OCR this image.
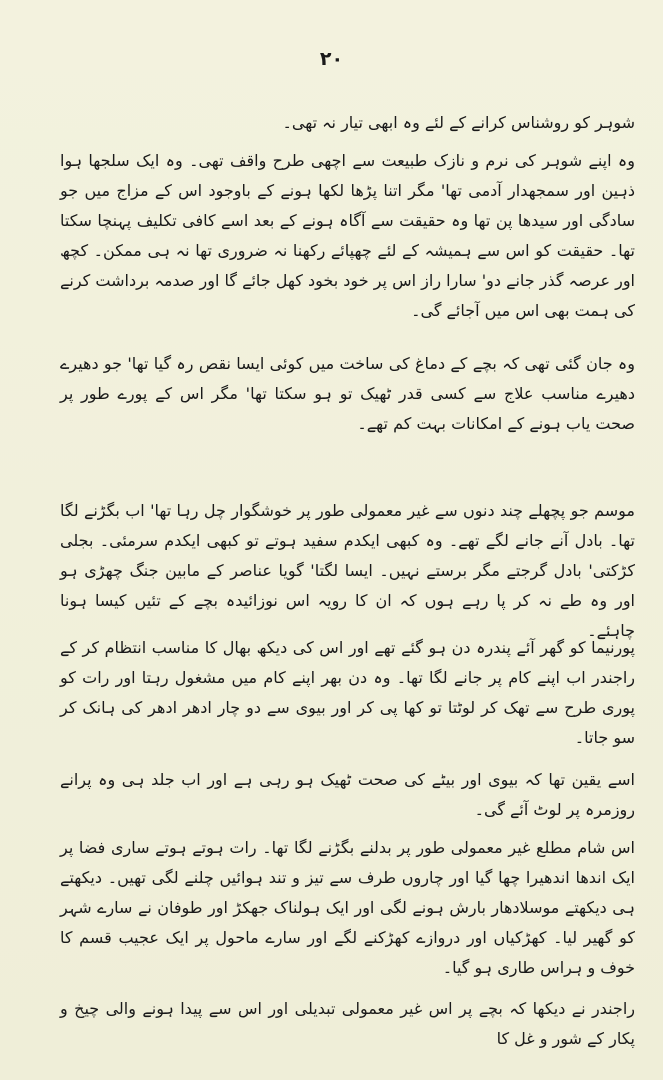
۲۰

شوہر کو روشناس کرانے کے لئے وہ ابھی تیار نہ تھی۔

وہ اپنے شوہر کی نرم و نازک طبیعت سے اچھی طرح واقف تھی۔ وہ ایک سلجھا ہوا ذہین اور سمجھدار آدمی تھا' مگر اتنا پڑھا لکھا ہونے کے باوجود اس کے مزاج میں جو سادگی اور سیدھا پن تھا وہ حقیقت سے آگاہ ہونے کے بعد اسے کافی تکلیف پہنچا سکتا تھا۔ حقیقت کو اس سے ہمیشہ کے لئے چھپائے رکھنا نہ ضروری تھا نہ ہی ممکن۔ کچھ اور عرصہ گذر جانے دو' سارا راز اس پر خود بخود کھل جائے گا اور صدمہ برداشت کرنے کی ہمت بھی اس میں آجائے گی۔

وہ جان گئی تھی کہ بچے کے دماغ کی ساخت میں کوئی ایسا نقص رہ گیا تھا' جو دھیرے دھیرے مناسب علاج سے کسی قدر ٹھیک تو ہو سکتا تھا' مگر اس کے پورے طور پر صحت یاب ہونے کے امکانات بہت کم تھے۔

موسم جو پچھلے چند دنوں سے غیر معمولی طور پر خوشگوار چل رہا تھا' اب بگڑنے لگا تھا۔ بادل آنے جانے لگے تھے۔ وہ کبھی ایکدم سفید ہوتے تو کبھی ایکدم سرمئی۔ بجلی کڑکتی' بادل گرجتے مگر برستے نہیں۔ ایسا لگتا' گویا عناصر کے مابین جنگ چھڑی ہو اور وہ طے نہ کر پا رہے ہوں کہ ان کا رویہ اس نوزائیدہ بچے کے تئیں کیسا ہونا چاہئے۔

پورنیما کو گھر آئے پندرہ دن ہو گئے تھے اور اس کی دیکھ بھال کا مناسب انتظام کر کے راجندر اب اپنے کام پر جانے لگا تھا۔ وہ دن بھر اپنے کام میں مشغول رہتا اور رات کو پوری طرح سے تھک کر لوٹتا تو کھا پی کر اور بیوی سے دو چار ادھر ادھر کی ہانک کر سو جاتا۔

اسے یقین تھا کہ بیوی اور بیٹے کی صحت ٹھیک ہو رہی ہے اور اب جلد ہی وہ پرانے روزمرہ پر لوٹ آئے گی۔

اس شام مطلع غیر معمولی طور پر بدلنے بگڑنے لگا تھا۔ رات ہوتے ہوتے ساری فضا پر ایک اندھا اندھیرا چھا گیا اور چاروں طرف سے تیز و تند ہوائیں چلنے لگی تھیں۔ دیکھتے ہی دیکھتے موسلادھار بارش ہونے لگی اور ایک ہولناک جھکڑ اور طوفان نے سارے شہر کو گھیر لیا۔ کھڑکیاں اور دروازے کھڑکنے لگے اور سارے ماحول پر ایک عجیب قسم کا خوف و ہراس طاری ہو گیا۔

راجندر نے دیکھا کہ بچے پر اس غیر معمولی تبدیلی اور اس سے پیدا ہونے والی چیخ و پکار کے شور و غل کا
